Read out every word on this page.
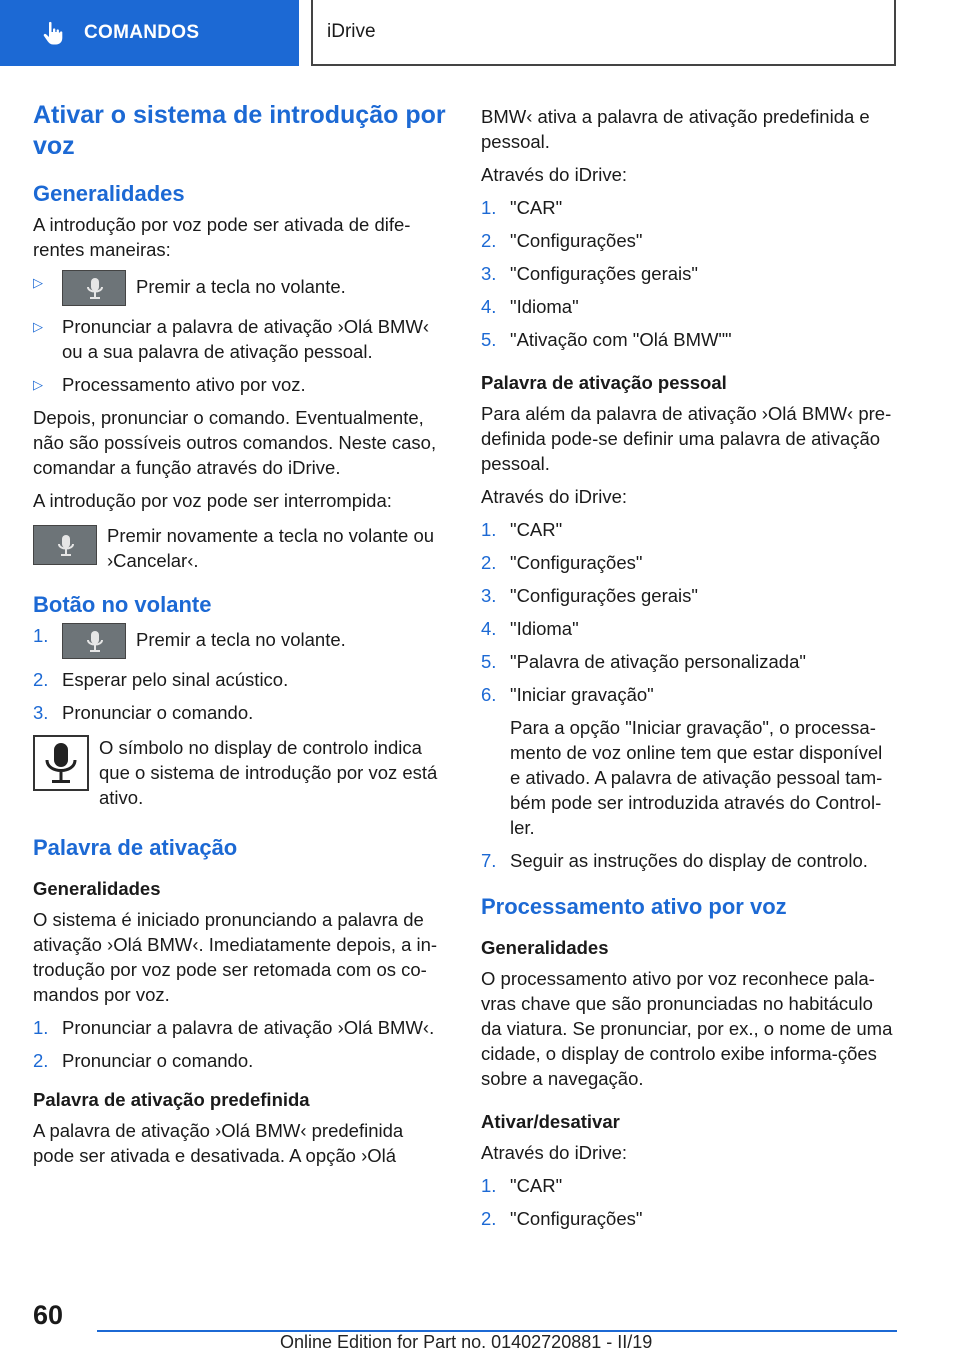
COMANDOS	iDrive
Ativar o sistema de introdução por voz
Generalidades

A introdução por voz pode ser ativada de dife-rentes maneiras:

▷ Premir a tecla no volante.
▷ Pronunciar a palavra de ativação ›Olá BMW‹ ou a sua palavra de ativação pessoal.
▷ Processamento ativo por voz.

Depois, pronunciar o comando. Eventualmente, não são possíveis outros comandos. Neste caso, comandar a função através do iDrive.

A introdução por voz pode ser interrompida:

Premir novamente a tecla no volante ou ›Cancelar‹.
Botão no volante
1.	Premir a tecla no volante.
2. Esperar pelo sinal acústico.
3. Pronunciar o comando.
O símbolo no display de controlo indica que o sistema de introdução por voz está ativo.
Palavra de ativação
Generalidades

O sistema é iniciado pronunciando a palavra de ativação ›Olá BMW‹. Imediatamente depois, a in-trodução por voz pode ser retomada com os co-mandos por voz.

1. Pronunciar a palavra de ativação ›Olá BMW‹.
2. Pronunciar o comando.
Palavra de ativação predefinida

A palavra de ativação ›Olá BMW‹ predefinida pode ser ativada e desativada. A opção ›Olá

BMW‹ ativa a palavra de ativação predefinida e pessoal.

Através do iDrive:

1. "CAR"
2. "Configurações"
3. "Configurações gerais"
4. "Idioma"
5. "Ativação com "Olá BMW""
Palavra de ativação pessoal

Para além da palavra de ativação ›Olá BMW‹ pre-definida pode-se definir uma palavra de ativação pessoal.

Através do iDrive:

1. "CAR"
2. "Configurações"
3. "Configurações gerais"
4. "Idioma"
5. "Palavra de ativação personalizada"
6. "Iniciar gravação"
Para a opção "Iniciar gravação", o processa-mento de voz online tem que estar disponível e ativado. A palavra de ativação pessoal tam-bém pode ser introduzida através do Control-ler.
7. Seguir as instruções do display de controlo.
Processamento ativo por voz
Generalidades

O processamento ativo por voz reconhece pala-vras chave que são pronunciadas no habitáculo da viatura. Se pronunciar, por ex., o nome de uma cidade, o display de controlo exibe informa-ções sobre a navegação.

Ativar/desativar

Através do iDrive:

1. "CAR"
2. "Configurações"
60
Online Edition for Part no. 01402720881 - II/19
